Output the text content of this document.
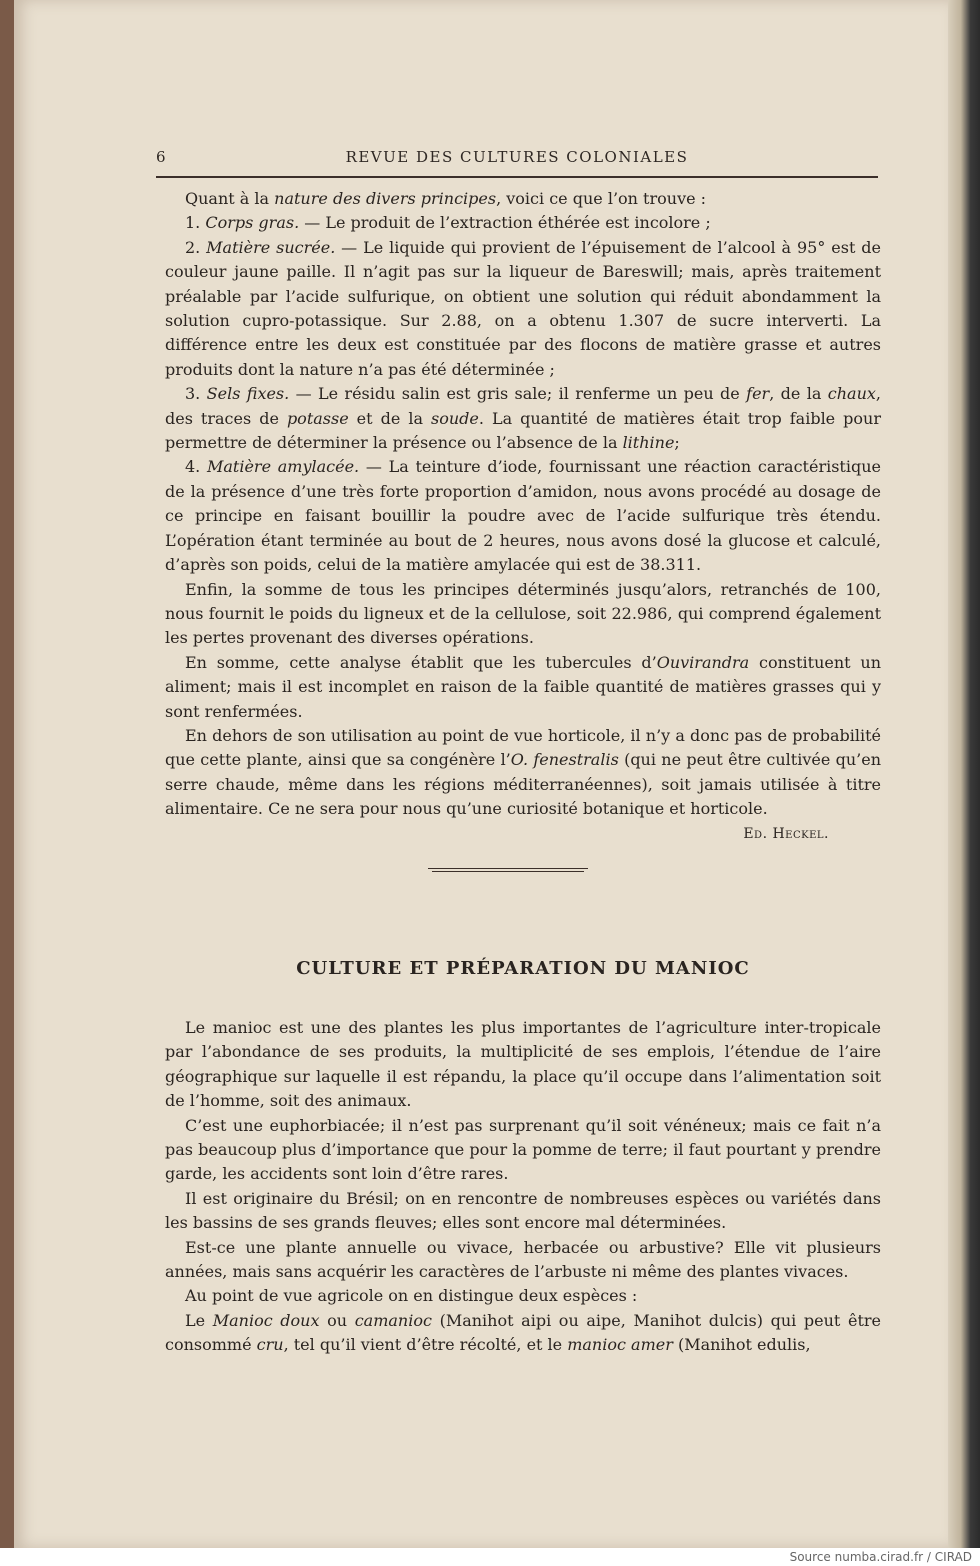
6	REVUE DES CULTURES COLONIALES

Quant à la nature des divers principes, voici ce que l’on trouve :

1. Corps gras. — Le produit de l’extraction éthérée est incolore ;

2. Matière sucrée. — Le liquide qui provient de l’épuisement de l’alcool à 95° est de couleur jaune paille. Il n’agit pas sur la liqueur de Bareswill; mais, après traitement préalable par l’acide sulfurique, on obtient une solution qui réduit abondamment la solution cupro-potassique. Sur 2.88, on a obtenu 1.307 de sucre interverti. La différence entre les deux est constituée par des flocons de matière grasse et autres produits dont la nature n’a pas été déterminée ;

3. Sels fixes. — Le résidu salin est gris sale; il renferme un peu de fer, de la chaux, des traces de potasse et de la soude. La quantité de matières était trop faible pour permettre de déterminer la présence ou l’absence de la lithine;

4. Matière amylacée. — La teinture d’iode, fournissant une réaction caractéristique de la présence d’une très forte proportion d’amidon, nous avons procédé au dosage de ce principe en faisant bouillir la poudre avec de l’acide sulfurique très étendu. L’opération étant terminée au bout de 2 heures, nous avons dosé la glucose et calculé, d’après son poids, celui de la matière amylacée qui est de 38.311.

Enfin, la somme de tous les principes déterminés jusqu’alors, retranchés de 100, nous fournit le poids du ligneux et de la cellulose, soit 22.986, qui comprend également les pertes provenant des diverses opérations.

En somme, cette analyse établit que les tubercules d’Ouvirandra constituent un aliment; mais il est incomplet en raison de la faible quantité de matières grasses qui y sont renfermées.

En dehors de son utilisation au point de vue horticole, il n’y a donc pas de probabilité que cette plante, ainsi que sa congénère l’O. fenestralis (qui ne peut être cultivée qu’en serre chaude, même dans les régions méditerranéennes), soit jamais utilisée à titre alimentaire. Ce ne sera pour nous qu’une curiosité botanique et horticole.

Ed. Heckel.

CULTURE ET PRÉPARATION DU MANIOC

Le manioc est une des plantes les plus importantes de l’agriculture inter-tropicale par l’abondance de ses produits, la multiplicité de ses emplois, l’étendue de l’aire géographique sur laquelle il est répandu, la place qu’il occupe dans l’alimentation soit de l’homme, soit des animaux.

C’est une euphorbiacée; il n’est pas surprenant qu’il soit vénéneux; mais ce fait n’a pas beaucoup plus d’importance que pour la pomme de terre; il faut pourtant y prendre garde, les accidents sont loin d’être rares.

Il est originaire du Brésil; on en rencontre de nombreuses espèces ou variétés dans les bassins de ses grands fleuves; elles sont encore mal déterminées.

Est-ce une plante annuelle ou vivace, herbacée ou arbustive? Elle vit plusieurs années, mais sans acquérir les caractères de l’arbuste ni même des plantes vivaces.

Au point de vue agricole on en distingue deux espèces :

Le Manioc doux ou camanioc (Manihot aipi ou aipe, Manihot dulcis) qui peut être consommé cru, tel qu’il vient d’être récolté, et le manioc amer (Manihot edulis,

Source numba.cirad.fr / CIRAD
